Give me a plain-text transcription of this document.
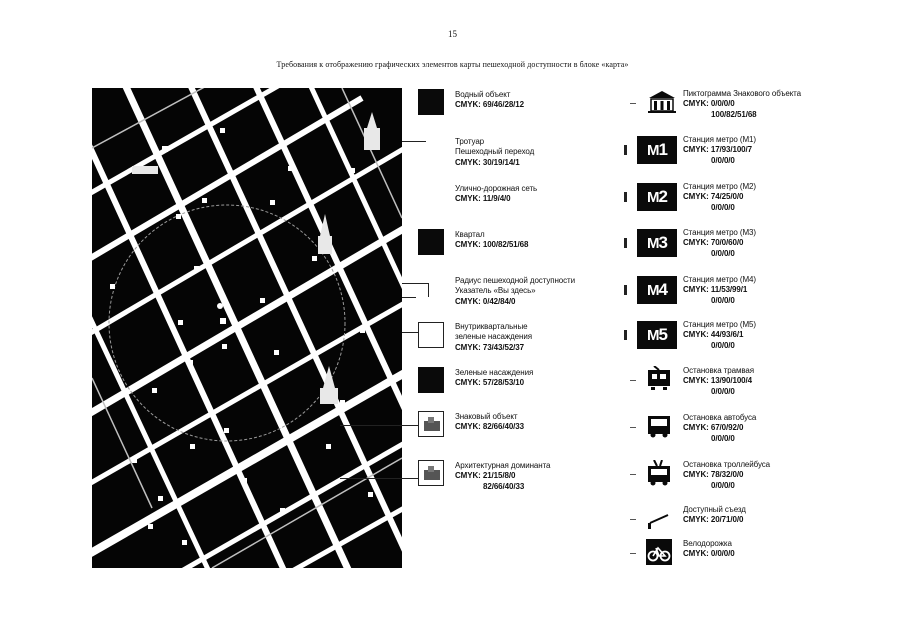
15
Требования к отображению графических элементов карты пешеходной доступности в блоке «карта»
Водный объект
CMYK: 69/46/28/12
Тротуар
Пешеходный переход
CMYK: 30/19/14/1
Улично-дорожная сеть
CMYK: 11/9/4/0
Квартал
CMYK: 100/82/51/68
Радиус пешеходной доступности
Указатель «Вы здесь»
CMYK: 0/42/84/0
Внутриквартальные
зеленые насаждения
CMYK: 73/43/52/37
Зеленые насаждения
CMYK: 57/28/53/10
Знаковый объект
CMYK: 82/66/40/33
Архитектурная доминанта
CMYK: 21/15/8/0
82/66/40/33
Пиктограмма Знакового объекта
CMYK: 0/0/0/0
100/82/51/68
M1
Станция метро (М1)
CMYK: 17/93/100/7
0/0/0/0
M2
Станция метро (М2)
CMYK: 74/25/0/0
0/0/0/0
M3
Станция метро (М3)
CMYK: 70/0/60/0
0/0/0/0
M4
Станция метро (М4)
CMYK: 11/53/99/1
0/0/0/0
M5
Станция метро (М5)
CMYK: 44/93/6/1
0/0/0/0
Остановка трамвая
CMYK: 13/90/100/4
0/0/0/0
Остановка автобуса
CMYK: 67/0/92/0
0/0/0/0
Остановка троллейбуса
CMYK: 78/32/0/0
0/0/0/0
Доступный съезд
CMYK: 20/71/0/0
Велодорожка
CMYK: 0/0/0/0
